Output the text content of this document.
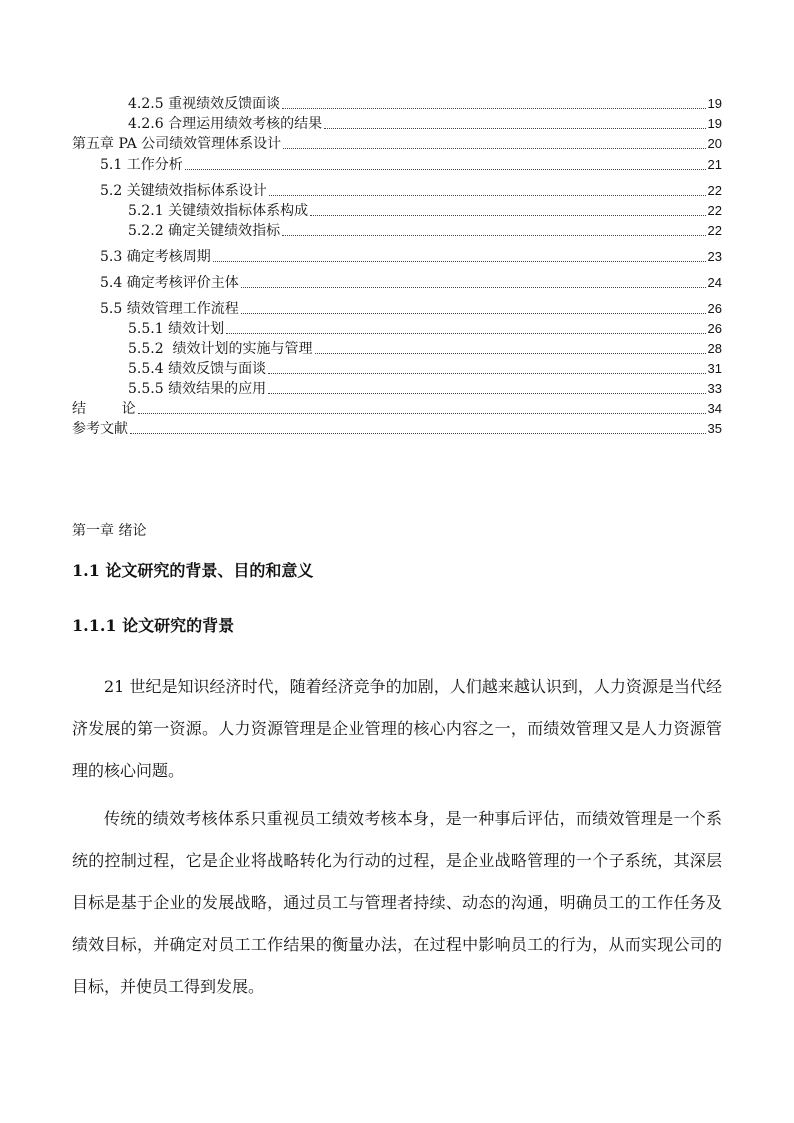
4.2.5 重视绩效反馈面谈	19
4.2.6 合理运用绩效考核的结果	19
第五章 PA 公司绩效管理体系设计	20
5.1 工作分析	21
5.2 关键绩效指标体系设计	22
5.2.1 关键绩效指标体系构成	22
5.2.2 确定关键绩效指标	22
5.3 确定考核周期	23
5.4 确定考核评价主体	24
5.5 绩效管理工作流程	26
5.5.1 绩效计划	26
5.5.2  绩效计划的实施与管理	28
5.5.4 绩效反馈与面谈	31
5.5.5 绩效结果的应用	33
结        论	34
参考文献	35
第一章 绪论
1.1 论文研究的背景、目的和意义
1.1.1 论文研究的背景

21 世纪是知识经济时代，随着经济竞争的加剧，人们越来越认识到，人力资源是当代经济发展的第一资源。人力资源管理是企业管理的核心内容之一，而绩效管理又是人力资源管理的核心问题。

传统的绩效考核体系只重视员工绩效考核本身，是一种事后评估，而绩效管理是一个系统的控制过程，它是企业将战略转化为行动的过程，是企业战略管理的一个子系统，其深层目标是基于企业的发展战略，通过员工与管理者持续、动态的沟通，明确员工的工作任务及绩效目标，并确定对员工工作结果的衡量办法，在过程中影响员工的行为，从而实现公司的目标，并使员工得到发展。
